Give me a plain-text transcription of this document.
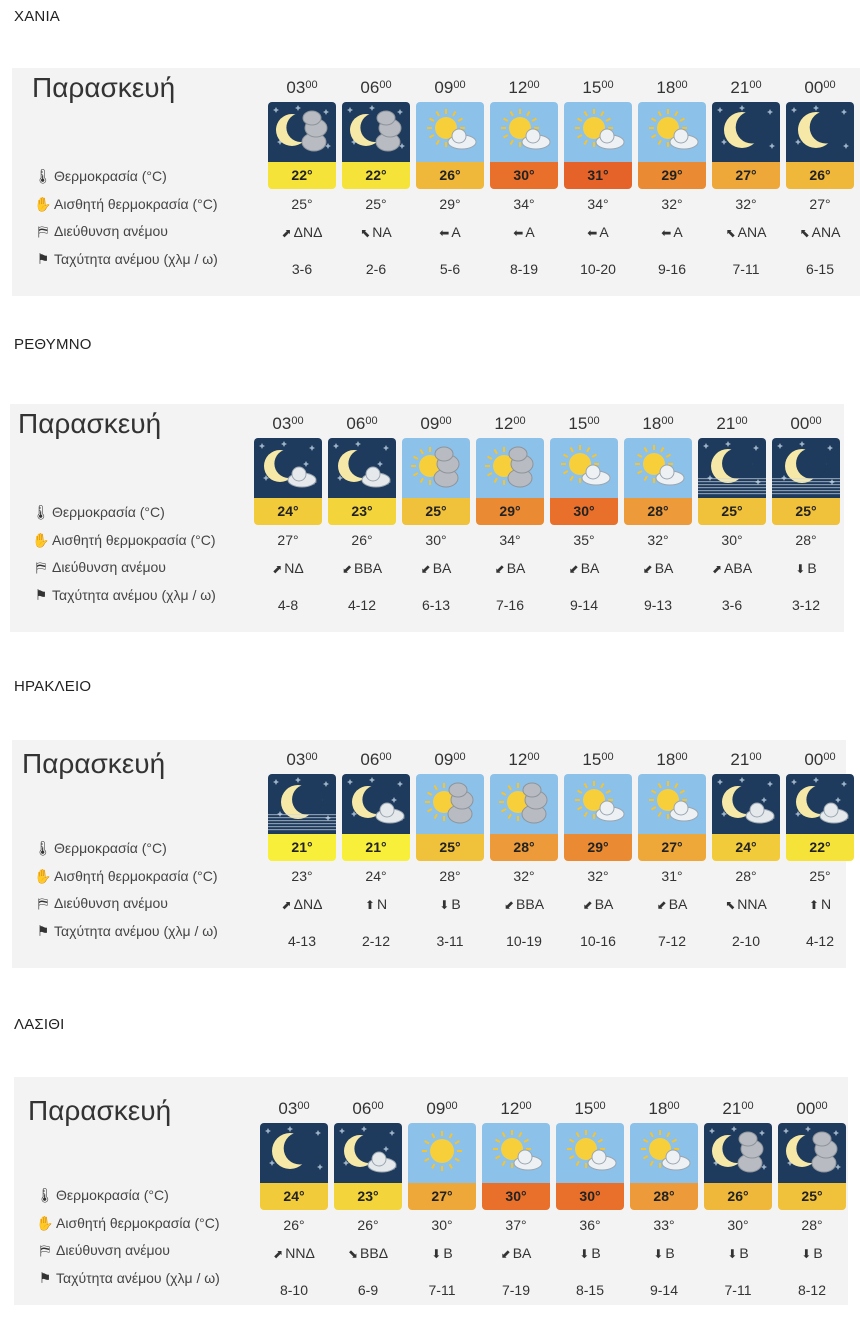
ΧΑΝΙΑ
Παρασκευή
🌡 Θερμοκρασία (°C)
✋ Αισθητή θερμοκρασία (°C)
⛿ Διεύθυνση ανέμου
⚑ Ταχύτητα ανέμου (χλμ / ω)
$03^{00}$
22°
25°
⬈ ΔΝΔ
3-6
$06^{00}$
22°
25°
⬉ ΝΑ
2-6
$09^{00}$
26°
29°
⬅ Α
5-6
$12^{00}$
30°
34°
⬅ Α
8-19
$15^{00}$
31°
34°
⬅ Α
10-20
$18^{00}$
29°
32°
⬅ Α
9-16
$21^{00}$
27°
32°
⬉ ΑΝΑ
7-11
$00^{00}$
26°
27°
⬉ ΑΝΑ
6-15
ΡΕΘΥΜΝΟ
Παρασκευή
🌡 Θερμοκρασία (°C)
✋ Αισθητή θερμοκρασία (°C)
⛿ Διεύθυνση ανέμου
⚑ Ταχύτητα ανέμου (χλμ / ω)
$03^{00}$
24°
27°
⬈ ΝΔ
4-8
$06^{00}$
23°
26°
⬋ ΒΒΑ
4-12
$09^{00}$
25°
30°
⬋ ΒΑ
6-13
$12^{00}$
29°
34°
⬋ ΒΑ
7-16
$15^{00}$
30°
35°
⬋ ΒΑ
9-14
$18^{00}$
28°
32°
⬋ ΒΑ
9-13
$21^{00}$
25°
30°
⬈ ΑΒΑ
3-6
$00^{00}$
25°
28°
⬇ Β
3-12
ΗΡΑΚΛΕΙΟ
Παρασκευή
🌡 Θερμοκρασία (°C)
✋ Αισθητή θερμοκρασία (°C)
⛿ Διεύθυνση ανέμου
⚑ Ταχύτητα ανέμου (χλμ / ω)
$03^{00}$
21°
23°
⬈ ΔΝΔ
4-13
$06^{00}$
21°
24°
⬆ Ν
2-12
$09^{00}$
25°
28°
⬇ Β
3-11
$12^{00}$
28°
32°
⬋ ΒΒΑ
10-19
$15^{00}$
29°
32°
⬋ ΒΑ
10-16
$18^{00}$
27°
31°
⬋ ΒΑ
7-12
$21^{00}$
24°
28°
⬉ ΝΝΑ
2-10
$00^{00}$
22°
25°
⬆ Ν
4-12
ΛΑΣΙΘΙ
Παρασκευή
🌡 Θερμοκρασία (°C)
✋ Αισθητή θερμοκρασία (°C)
⛿ Διεύθυνση ανέμου
⚑ Ταχύτητα ανέμου (χλμ / ω)
$03^{00}$
24°
26°
⬈ ΝΝΔ
8-10
$06^{00}$
23°
26°
⬊ ΒΒΔ
6-9
$09^{00}$
27°
30°
⬇ Β
7-11
$12^{00}$
30°
37°
⬋ ΒΑ
7-19
$15^{00}$
30°
36°
⬇ Β
8-15
$18^{00}$
28°
33°
⬇ Β
9-14
$21^{00}$
26°
30°
⬇ Β
7-11
$00^{00}$
25°
28°
⬇ Β
8-12
